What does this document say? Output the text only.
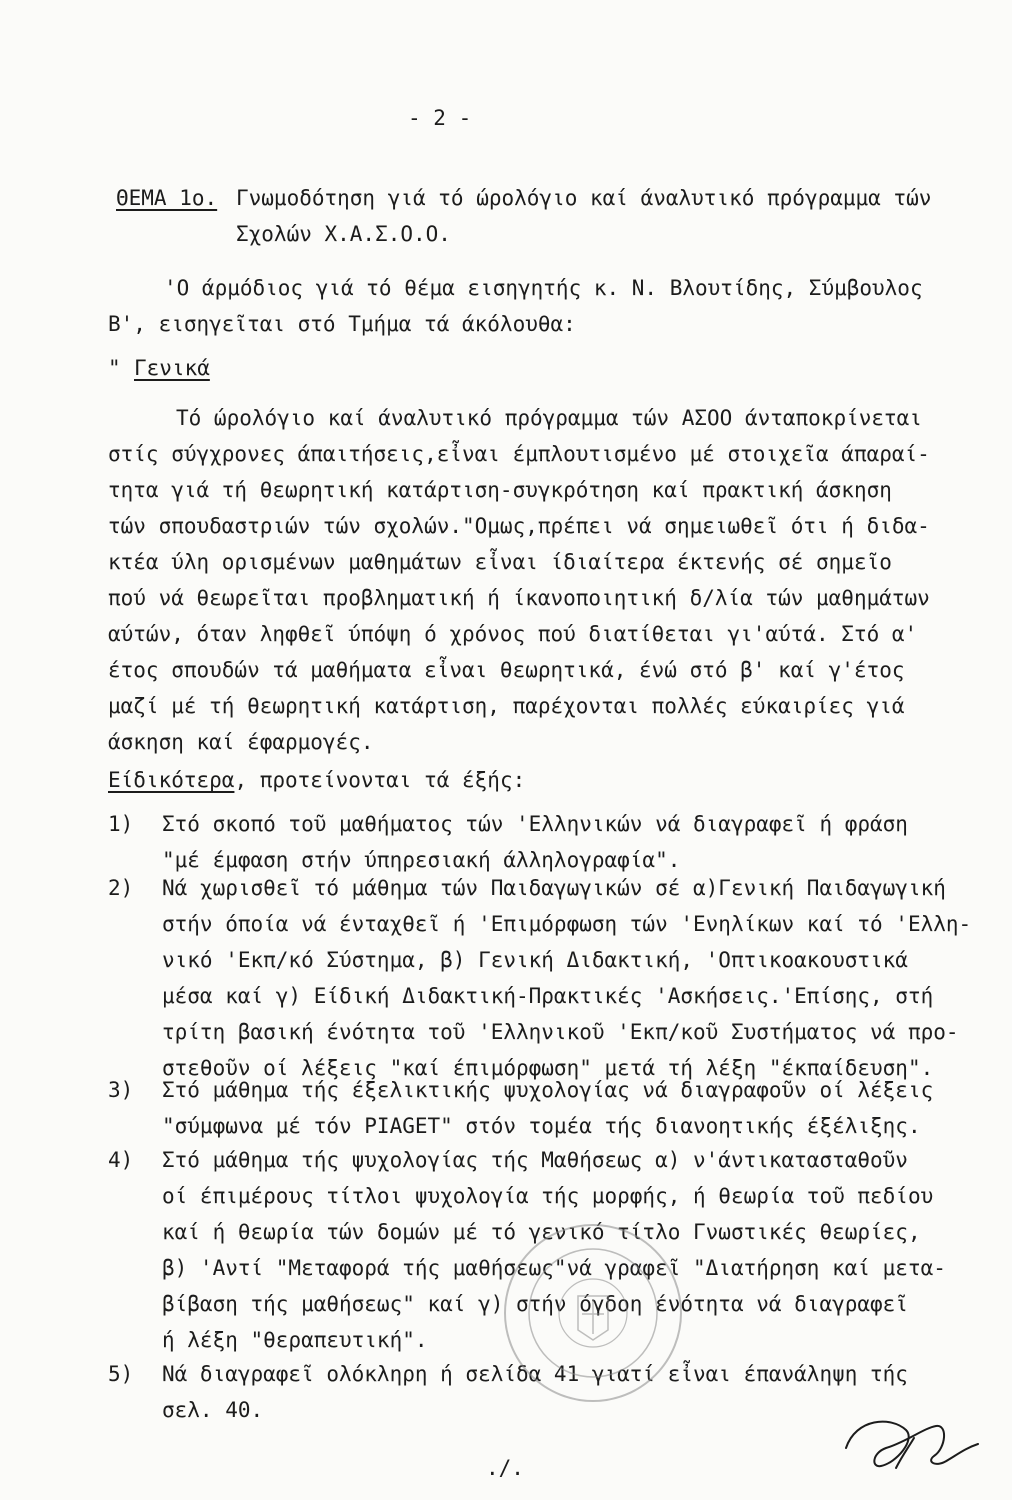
- 2 -
ΘΕΜΑ 1ο. Γνωμοδότηση γιά τό ώρολόγιο καί άναλυτικό πρόγραμμα τών
Σχολών Χ.Α.Σ.Ο.Ο.
'Ο άρμόδιος γιά τό θέμα εισηγητής κ. Ν. Βλουτίδης, Σύμβουλος
Β', εισηγεῖται στό Τμήμα τά άκόλουθα:
" Γενικά
Τό ώρολόγιο καί άναλυτικό πρόγραμμα τών ΑΣΟΟ άνταποκρίνεται
στίς σύγχρονες άπαιτήσεις,εἶναι έμπλουτισμένο μέ στοιχεῖα άπαραί-
τητα γιά τή θεωρητική κατάρτιση-συγκρότηση καί πρακτική άσκηση
τών σπουδαστριών τών σχολών."Ομως,πρέπει νά σημειωθεῖ ότι ή διδα-
κτέα ύλη ορισμένων μαθημάτων εἶναι ίδιαίτερα έκτενής σέ σημεῖο
πού νά θεωρεῖται προβληματική ή ίκανοποιητική δ/λία τών μαθημάτων
αύτών, όταν ληφθεῖ ύπόψη ό χρόνος πού διατίθεται γι'αύτά. Στό α'
έτος σπουδών τά μαθήματα εἶναι θεωρητικά, ένώ στό β' καί γ'έτος
μαζί μέ τή θεωρητική κατάρτιση, παρέχονται πολλές εύκαιρίες γιά
άσκηση καί έφαρμογές.
Είδικότερα, προτείνονται τά έξής:
1) Στό σκοπό τοῦ μαθήματος τών 'Ελληνικών νά διαγραφεῖ ή φράση
"μέ έμφαση στήν ύπηρεσιακή άλληλογραφία".
2) Νά χωρισθεῖ τό μάθημα τών Παιδαγωγικών σέ α)Γενική Παιδαγωγική
στήν όποία νά ένταχθεῖ ή 'Επιμόρφωση τών 'Ενηλίκων καί τό 'Ελλη-
νικό 'Εκπ/κό Σύστημα, β) Γενική Διδακτική, 'Οπτικοακουστικά
μέσα καί γ) Είδική Διδακτική-Πρακτικές 'Ασκήσεις.'Επίσης, στή
τρίτη βασική ένότητα τοῦ 'Ελληνικοῦ 'Εκπ/κοῦ Συστήματος νά προ-
στεθοῦν οί λέξεις "καί έπιμόρφωση" μετά τή λέξη "έκπαίδευση".
3) Στό μάθημα τής έξελικτικής ψυχολογίας νά διαγραφοῦν οί λέξεις
"σύμφωνα μέ τόν PIAGET" στόν τομέα τής διανοητικής έξέλιξης.
4) Στό μάθημα τής ψυχολογίας τής Μαθήσεως α) ν'άντικατασταθοῦν
οί έπιμέρους τίτλοι ψυχολογία τής μορφής, ή θεωρία τοῦ πεδίου
καί ή θεωρία τών δομών μέ τό γενικό τίτλο Γνωστικές θεωρίες,
β) 'Αντί "Μεταφορά τής μαθήσεως"νά γραφεῖ "Διατήρηση καί μετα-
βίβαση τής μαθήσεως" καί γ) στήν όγδοη ένότητα νά διαγραφεῖ
ή λέξη "θεραπευτική".
5) Νά διαγραφεῖ ολόκληρη ή σελίδα 41 γιατί εἶναι έπανάληψη τής
σελ. 40.
./.
